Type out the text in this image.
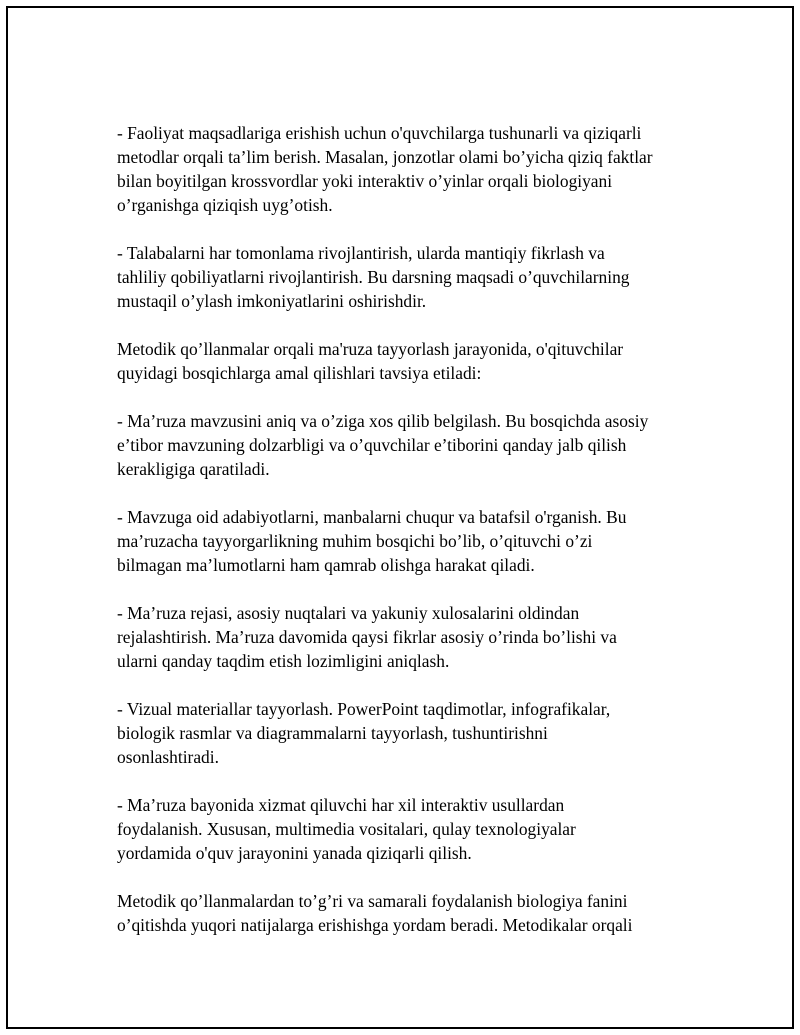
- Faoliyat maqsadlariga erishish uchun o'quvchilarga tushunarli va qiziqarli
metodlar orqali ta’lim berish. Masalan, jonzotlar olami bo’yicha qiziq faktlar
bilan boyitilgan krossvordlar yoki interaktiv o’yinlar orqali biologiyani
o’rganishga qiziqish uyg’otish.

- Talabalarni har tomonlama rivojlantirish, ularda mantiqiy fikrlash va
tahliliy qobiliyatlarni rivojlantirish. Bu darsning maqsadi o’quvchilarning
mustaqil o’ylash imkoniyatlarini oshirishdir.

Metodik qo’llanmalar orqali ma'ruza tayyorlash jarayonida, o'qituvchilar
quyidagi bosqichlarga amal qilishlari tavsiya etiladi:

- Ma’ruza mavzusini aniq va o’ziga xos qilib belgilash. Bu bosqichda asosiy
e’tibor mavzuning dolzarbligi va o’quvchilar e’tiborini qanday jalb qilish
kerakligiga qaratiladi.

- Mavzuga oid adabiyotlarni, manbalarni chuqur va batafsil o'rganish. Bu
ma’ruzacha tayyorgarlikning muhim bosqichi bo’lib, o’qituvchi o’zi
bilmagan ma’lumotlarni ham qamrab olishga harakat qiladi.

- Ma’ruza rejasi, asosiy nuqtalari va yakuniy xulosalarini oldindan
rejalashtirish. Ma’ruza davomida qaysi fikrlar asosiy o’rinda bo’lishi va
ularni qanday taqdim etish lozimligini aniqlash.

- Vizual materiallar tayyorlash. PowerPoint taqdimotlar, infografikalar,
biologik rasmlar va diagrammalarni tayyorlash, tushuntirishni
osonlashtiradi.

- Ma’ruza bayonida xizmat qiluvchi har xil interaktiv usullardan
foydalanish. Xususan, multimedia vositalari, qulay texnologiyalar
yordamida o'quv jarayonini yanada qiziqarli qilish.

Metodik qo’llanmalardan to’g’ri va samarali foydalanish biologiya fanini
o’qitishda yuqori natijalarga erishishga yordam beradi. Metodikalar orqali
